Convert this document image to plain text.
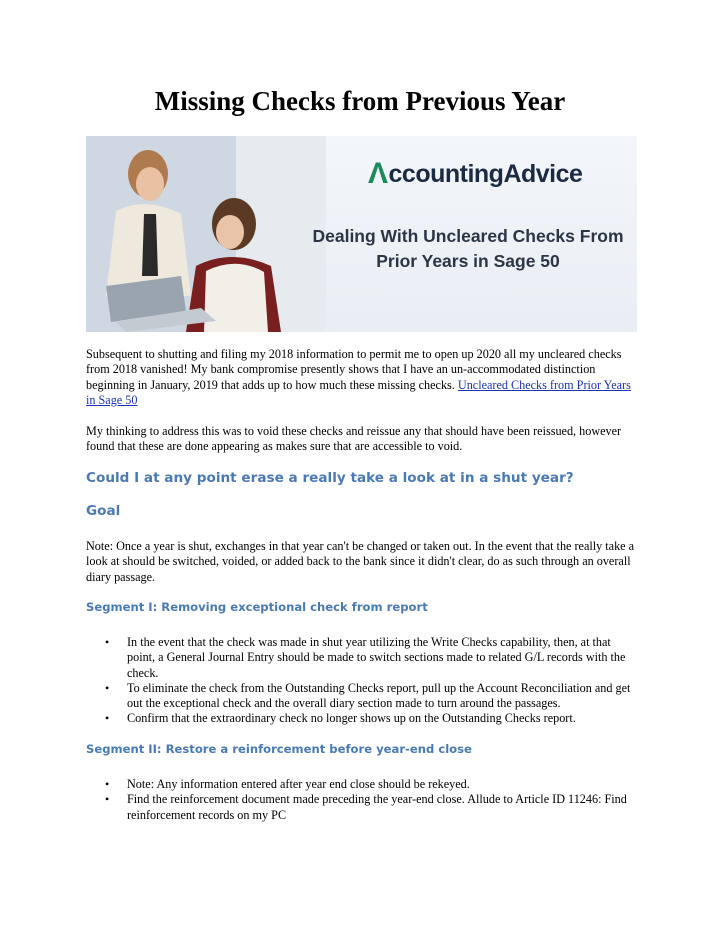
Missing Checks from Previous Year
Λ ccounting Advice
Dealing With Uncleared Checks From
Prior Years in Sage 50

Subsequent to shutting and filing my 2018 information to permit me to open up 2020 all my uncleared checks from 2018 vanished! My bank compromise presently shows that I have an un-accommodated distinction beginning in January, 2019 that adds up to how much these missing checks. Uncleared Checks from Prior Years in Sage 50

My thinking to address this was to void these checks and reissue any that should have been reissued, however found that these are done appearing as makes sure that are accessible to void.

Could I at any point erase a really take a look at in a shut year?
Goal

Note: Once a year is shut, exchanges in that year can't be changed or taken out. In the event that the really take a look at should be switched, voided, or added back to the bank since it didn't clear, do as such through an overall diary passage.

Segment I: Removing exceptional check from report
• In the event that the check was made in shut year utilizing the Write Checks capability, then, at that point, a General Journal Entry should be made to switch sections made to related G/L records with the check.
• To eliminate the check from the Outstanding Checks report, pull up the Account Reconciliation and get out the exceptional check and the overall diary section made to turn around the passages.
• Confirm that the extraordinary check no longer shows up on the Outstanding Checks report.
Segment II: Restore a reinforcement before year-end close
• Note: Any information entered after year end close should be rekeyed.
• Find the reinforcement document made preceding the year-end close. Allude to Article ID 11246: Find reinforcement records on my PC
